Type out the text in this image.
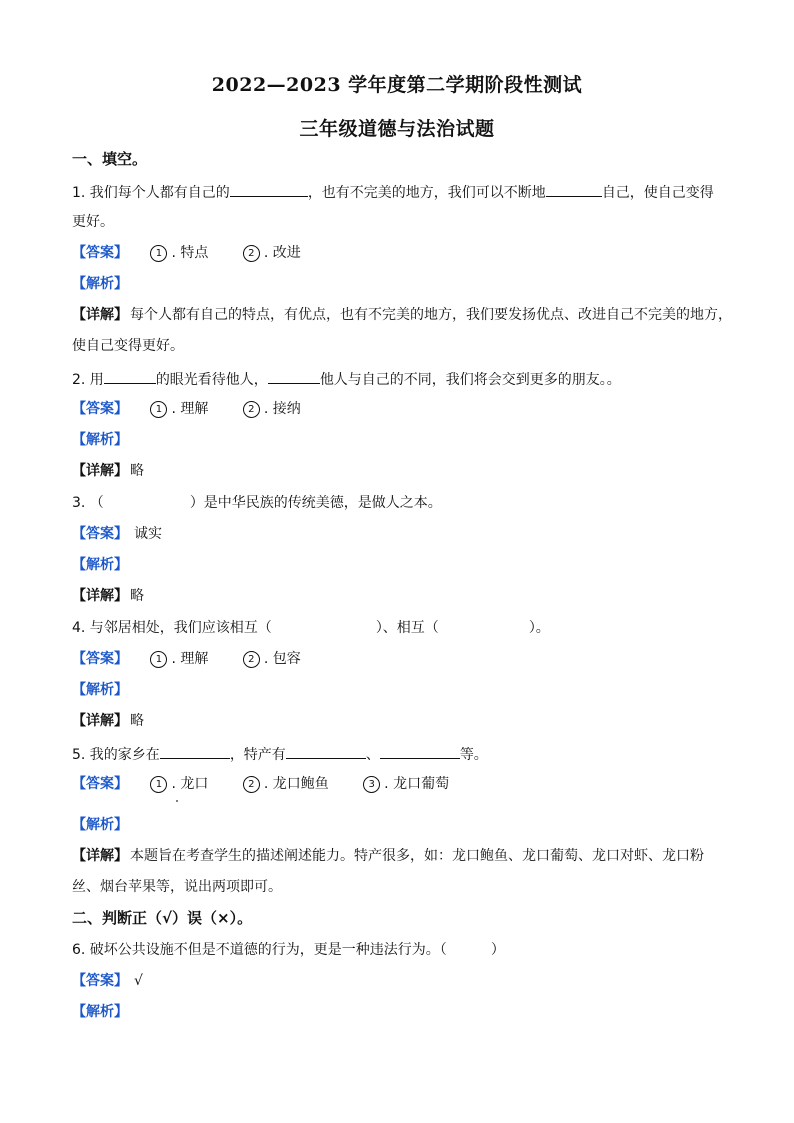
2022—2023 学年度第二学期阶段性测试
三年级道德与法治试题
一、填空。
1. 我们每个人都有自己的	，也有不完美的地方，我们可以不断地	自己，使自己变得
更好。
【答案】	1 . 特点	2 . 改进
【解析】
【详解】 每个人都有自己的特点，有优点，也有不完美的地方，我们要发扬优点、改进自己不完美的地方，
使自己变得更好。
2. 用	的眼光看待他人，	他人与自己的不同，我们将会交到更多的朋友。。
【答案】	1 . 理解	2 . 接纳
【解析】
【详解】 略
3. （	）是中华民族的传统美德，是做人之本。
【答案】 诚实
【解析】
【详解】 略
4. 与邻居相处，我们应该相互（	）、相互（	）。
【答案】	1 . 理解	2 . 包容
【解析】
【详解】 略
5. 我的家乡在	，特产有	、	等。
【答案】	1 . 龙口	2 . 龙口鲍鱼	3 . 龙口葡萄
【解析】
【详解】 本题旨在考查学生的描述阐述能力。特产很多，如：龙口鲍鱼、龙口葡萄、龙口对虾、龙口粉
丝、烟台苹果等，说出两项即可。
二、判断正（√）误（×）。
6. 破坏公共设施不但是不道德的行为，更是一种违法行为。（	）
【答案】 √
【解析】
